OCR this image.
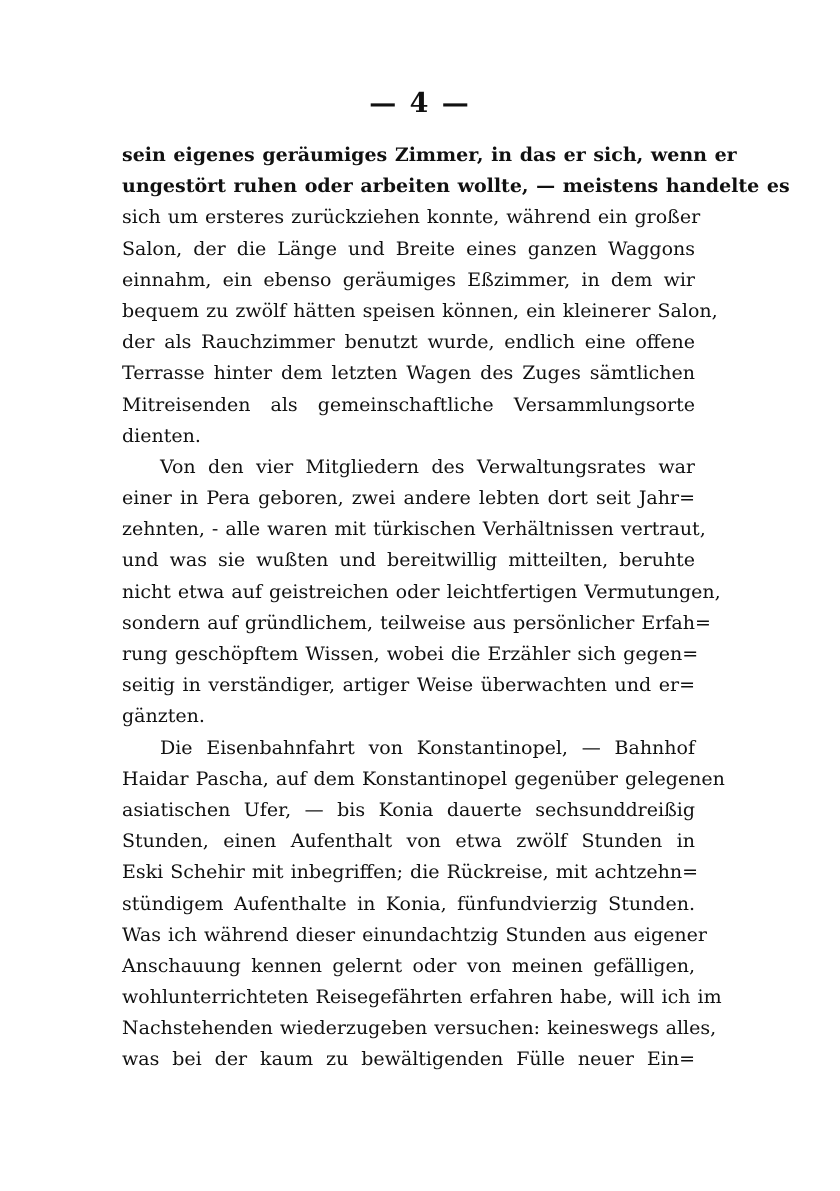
— 4 —
sein eigenes geräumiges Zimmer, in das er sich, wenn er
ungestört ruhen oder arbeiten wollte, — meistens handelte es
sich um ersteres zurückziehen konnte, während ein großer
Salon, der die Länge und Breite eines ganzen Waggons
einnahm, ein ebenso geräumiges Eßzimmer, in dem wir
bequem zu zwölf hätten speisen können, ein kleinerer Salon,
der als Rauchzimmer benutzt wurde, endlich eine offene
Terrasse hinter dem letzten Wagen des Zuges sämtlichen
Mitreisenden als gemeinschaftliche Versammlungsorte
dienten.
Von den vier Mitgliedern des Verwaltungsrates war
einer in Pera geboren, zwei andere lebten dort seit Jahr=
zehnten, - alle waren mit türkischen Verhältnissen vertraut,
und was sie wußten und bereitwillig mitteilten, beruhte
nicht etwa auf geistreichen oder leichtfertigen Vermutungen,
sondern auf gründlichem, teilweise aus persönlicher Erfah=
rung geschöpftem Wissen, wobei die Erzähler sich gegen=
seitig in verständiger, artiger Weise überwachten und er=
gänzten.
Die Eisenbahnfahrt von Konstantinopel, — Bahnhof
Haidar Pascha, auf dem Konstantinopel gegenüber gelegenen
asiatischen Ufer, — bis Konia dauerte sechsunddreißig
Stunden, einen Aufenthalt von etwa zwölf Stunden in
Eski Schehir mit inbegriffen; die Rückreise, mit achtzehn=
stündigem Aufenthalte in Konia, fünfundvierzig Stunden.
Was ich während dieser einundachtzig Stunden aus eigener
Anschauung kennen gelernt oder von meinen gefälligen,
wohlunterrichteten Reisegefährten erfahren habe, will ich im
Nachstehenden wiederzugeben versuchen: keineswegs alles,
was bei der kaum zu bewältigenden Fülle neuer Ein=
